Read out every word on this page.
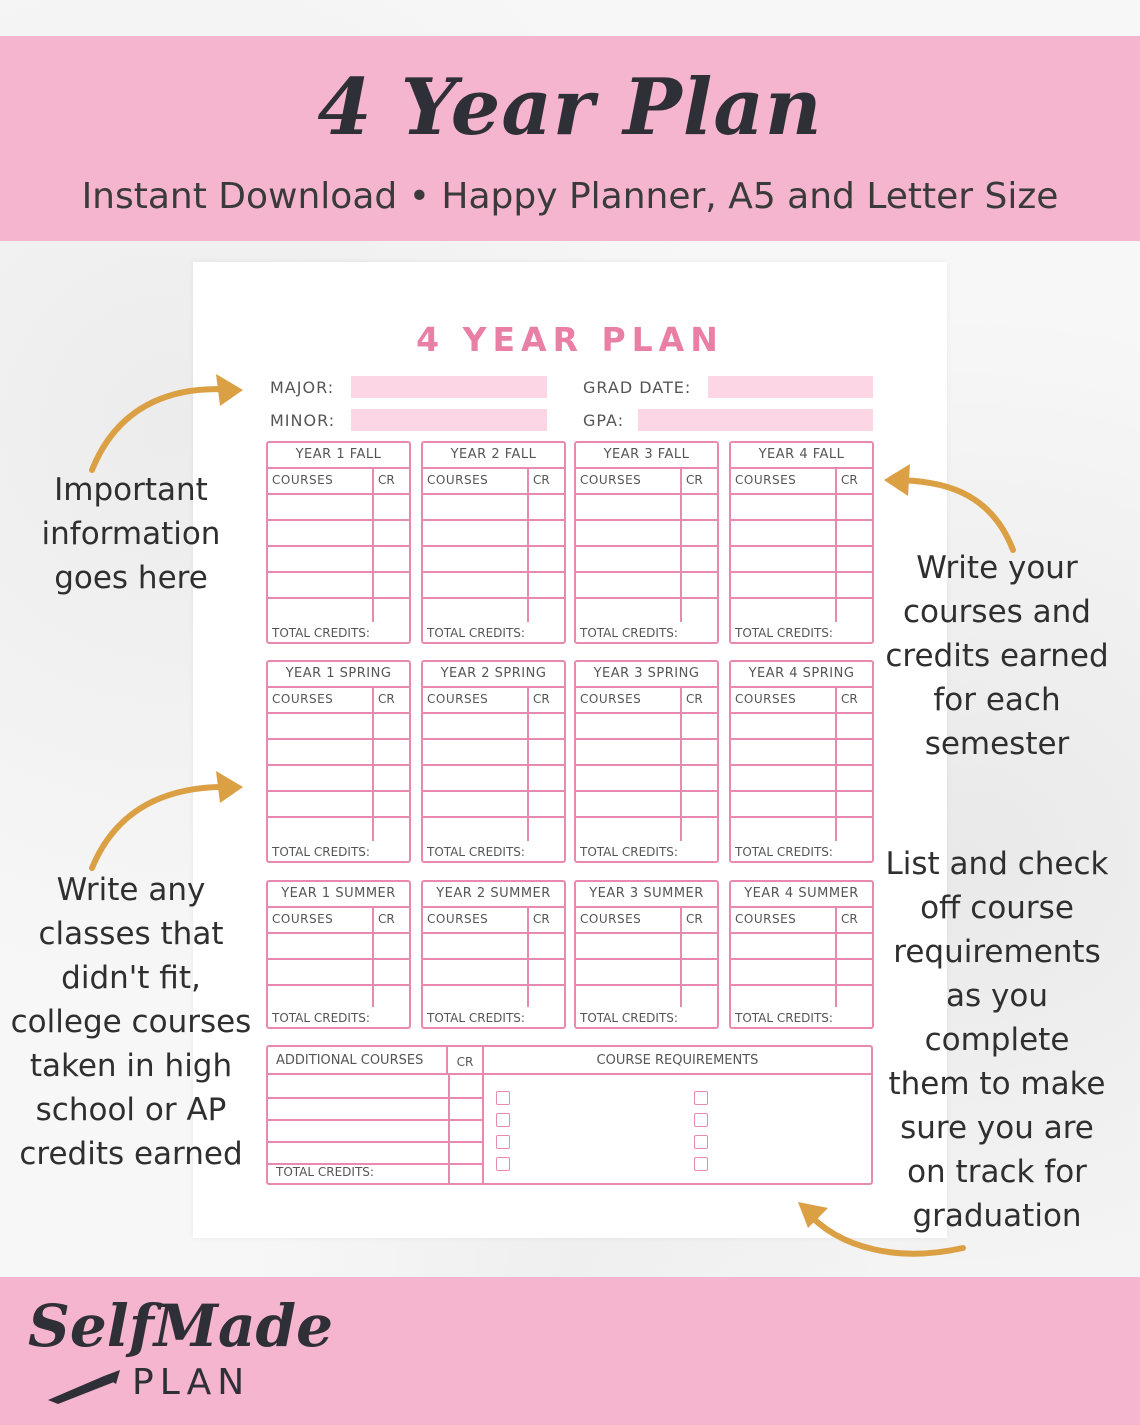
4 Year Plan
Instant Download • Happy Planner, A5 and Letter Size
4 YEAR PLAN
MAJOR:
MINOR:
GRAD DATE:
GPA:
YEAR 1 FALL
COURSES	CR
TOTAL CREDITS:
YEAR 2 FALL
COURSES	CR
TOTAL CREDITS:
YEAR 3 FALL
COURSES	CR
TOTAL CREDITS:
YEAR 4 FALL
COURSES	CR
TOTAL CREDITS:
YEAR 1 SPRING
COURSES	CR
TOTAL CREDITS:
YEAR 2 SPRING
COURSES	CR
TOTAL CREDITS:
YEAR 3 SPRING
COURSES	CR
TOTAL CREDITS:
YEAR 4 SPRING
COURSES	CR
TOTAL CREDITS:
YEAR 1 SUMMER
COURSES	CR
TOTAL CREDITS:
YEAR 2 SUMMER
COURSES	CR
TOTAL CREDITS:
YEAR 3 SUMMER
COURSES	CR
TOTAL CREDITS:
YEAR 4 SUMMER
COURSES	CR
TOTAL CREDITS:
ADDITIONAL COURSES	CR
TOTAL CREDITS:
COURSE REQUIREMENTS
Important information goes here
Write any classes that didn't fit, college courses taken in high school or AP credits earned
Write your courses and credits earned for each semester
List and check off course requirements as you complete them to make sure you are on track for graduation
SelfMade
PLAN
